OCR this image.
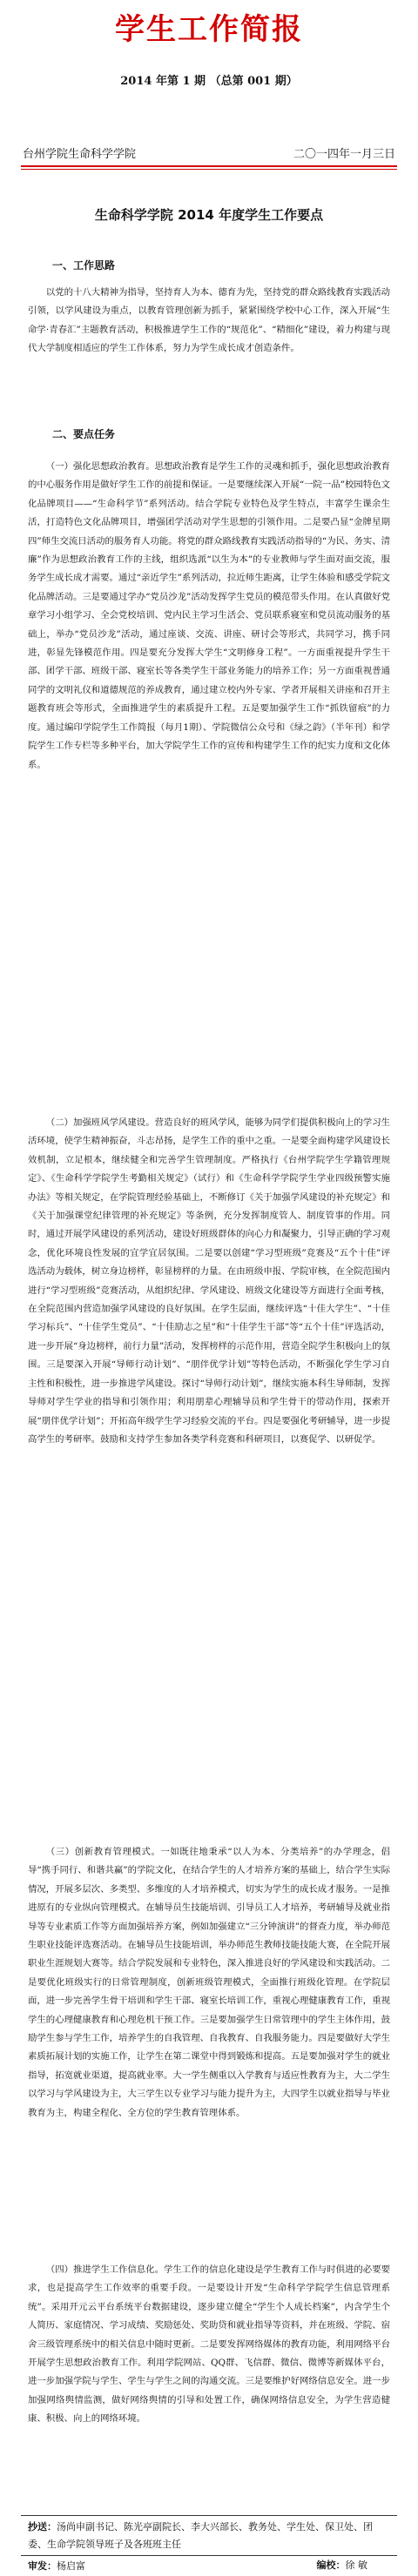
学生工作简报
2014 年第 1 期 （总第 001 期）
台州学院生命科学学院	二〇一四年一月三日
生命科学学院 2014 年度学生工作要点
一、工作思路
以党的十八大精神为指导，坚持育人为本、德育为先，坚持党的群众路线教育实践活动引领，以学风建设为重点，以教育管理创新为抓手，紧紧围绕学校中心工作，深入开展“生命学·青春汇”主题教育活动，积极推进学生工作的“规范化”、“精细化”建设，着力构建与现代大学制度相适应的学生工作体系，努力为学生成长成才创造条件。
二、要点任务
（一）强化思想政治教育。思想政治教育是学生工作的灵魂和抓手，强化思想政治教育的中心服务作用是做好学生工作的前提和保证。一是要继续深入开展“一院一品”校园特色文化品牌项目——“生命科学节”系列活动。结合学院专业特色及学生特点，丰富学生课余生活，打造特色文化品牌项目，增强团学活动对学生思想的引领作用。二是要凸显“金牌星期四”师生交流日活动的服务育人功能。将党的群众路线教育实践活动指导的“为民、务实、清廉”作为思想政治教育工作的主线，组织选派“以生为本”的专业教师与学生面对面交流，服务学生成长成才需要。通过“亲近学生”系列活动，拉近师生距离，让学生体验和感受学院文化品牌活动。三是要通过学办“党员沙龙”活动发挥学生党员的模范带头作用。在认真做好党章学习小组学习、全会党校培训、党内民主学习生活会、党员联系寝室和党员流动服务的基础上，举办“党员沙龙”活动，通过座谈、交流、讲座、研讨会等形式，共同学习，携手同进，彰显先锋模范作用。四是要充分发挥大学生“文明修身工程”。一方面重视提升学生干部、团学干部、班级干部、寝室长等各类学生干部业务能力的培养工作；另一方面重视普通同学的文明礼仪和道德规范的养成教育，通过建立校内外专家、学者开展相关讲座和召开主题教育班会等形式，全面推进学生的素质提升工程。五是要加强学生工作“抓铁留痕”的力度。通过编印学院学生工作简报（每月1期）、学院微信公众号和《绿之韵》（半年刊）和学院学生工作专栏等多种平台，加大学院学生工作的宣传和构建学生工作的纪实力度和文化体系。
（二）加强班风学风建设。营造良好的班风学风，能够为同学们提供积极向上的学习生活环境，使学生精神振奋，斗志昂扬，是学生工作的重中之重。一是要全面构建学风建设长效机制，立足根本，继续健全和完善学生管理制度。严格执行《台州学院学生学籍管理规定》、《生命科学学院学生考勤相关规定》（试行）和《生命科学学院学生学业四级预警实施办法》等相关规定，在学院管理经验基础上，不断修订《关于加强学风建设的补充规定》和《关于加强课堂纪律管理的补充规定》等条例，充分发挥制度管人、制度管事的作用。同时，通过开展学风建设的系列活动，建设好班级群体的向心力和凝聚力，引导正确的学习观念，优化环境良性发展的宜学宜居氛围。二是要以创建“学习型班级”竞赛及“五个十佳”评选活动为载体，树立身边榜样，彰显榜样的力量。在由班级申报、学院审核，在全院范围内进行“学习型班级”竞赛活动，从组织纪律、学风建设、班级文化建设等方面进行全面考核，在全院范围内营造加强学风建设的良好氛围。在学生层面，继续评选“十佳大学生”、“十佳学习标兵”、“十佳学生党员”、“十佳励志之星”和“十佳学生干部”等“五个十佳”评选活动，进一步开展“身边榜样，前行力量”活动，发挥榜样的示范作用，营造全院学生积极向上的氛围。三是要深入开展“导师行动计划”、“朋伴优学计划”等特色活动，不断强化学生学习自主性和积极性，进一步推进学风建设。探讨“导师行动计划”，继续实施本科生导师制，发挥导师对学生学业的指导和引领作用；利用朋辈心理辅导员和学生骨干的带动作用，探索开展“朋伴优学计划”；开拓高年级学生学习经验交流的平台。四是要强化考研辅导，进一步提高学生的考研率。鼓励和支持学生参加各类学科竞赛和科研项目，以赛促学、以研促学。
（三）创新教育管理模式。一如既往地秉承“以人为本、分类培养”的办学理念，倡导“携手同行、和谐共赢”的学院文化，在结合学生的人才培养方案的基础上，结合学生实际情况，开展多层次、多类型、多维度的人才培养模式，切实为学生的成长成才服务。一是推进原有的专业纵向管理模式。在辅导员生技能培训、引导员工人才培养，考研辅导及就业指导等专业素质工作等方面加强培养方案，例如加强建立“三分钟演讲”的督查力度，举办师范生职业技能评选赛活动。在辅导员生技能培训，举办师范生教师技能技能大赛，在全院开展职业生涯规划大赛等。结合学院发展和专业特色，深入推进良好的学风建设和实践活动。二是要优化班级实行的日常管理制度，创新班级管理模式，全面推行班级化管理。在学院层面，进一步完善学生骨干培训和学生干部、寝室长培训工作，重视心理健康教育工作，重视学生的心理健康教育和心理危机干预工作。三是要加强学生日常管理中的学生主体作用，鼓励学生参与学生工作，培养学生的自我管理、自我教育、自我服务能力。四是要做好大学生素质拓展计划的实施工作，让学生在第二课堂中得到锻炼和提高。五是要加强对学生的就业指导，拓宽就业渠道，提高就业率。大一学生侧重以入学教育与适应性教育为主，大二学生以学习与学风建设为主，大三学生以专业学习与能力提升为主，大四学生以就业指导与毕业教育为主，构建全程化、全方位的学生教育管理体系。
（四）推进学生工作信息化。学生工作的信息化建设是学生教育工作与时俱进的必要要求，也是提高学生工作效率的重要手段。一是要设计开发“生命科学学院学生信息管理系统”。采用开元云平台系统平台数据建设，逐步建立健全“学生个人成长档案”，内含学生个人简历、家庭情况、学习成绩、奖励惩处、奖助贷和就业指导等资料，并在班级、学院、宿舍三级管理系统中的相关信息中随时更新。二是要发挥网络媒体的教育功能，利用网络平台开展学生思想政治教育工作。利用学院网站、QQ群、飞信群、微信、微博等新媒体平台，进一步加强学院与学生、学生与学生之间的沟通交流。三是要维护好网络信息安全。进一步加强网络舆情监测，做好网络舆情的引导和处置工作，确保网络信息安全，为学生营造健康、积极、向上的网络环境。
抄送：汤尚申副书记、陈光亭副院长、李大兴部长、教务处、学生处、保卫处、团委、生命学院领导班子及各班班主任
审发：杨启富	编校：徐 敏
